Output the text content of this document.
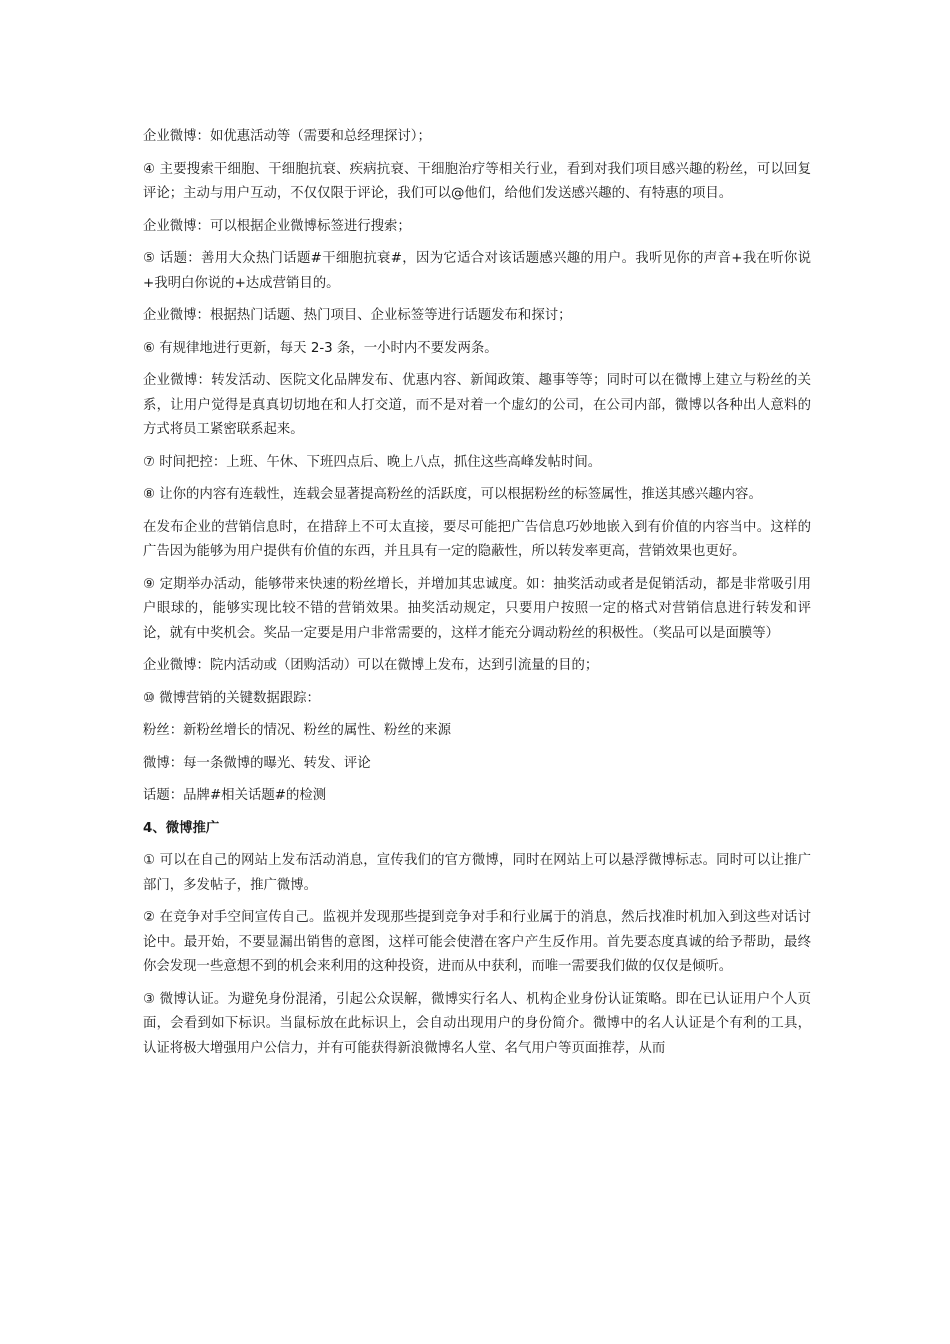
企业微博：如优惠活动等（需要和总经理探讨）；

④ 主要搜索干细胞、干细胞抗衰、疾病抗衰、干细胞治疗等相关行业，看到对我们项目感兴趣的粉丝，可以回复评论；主动与用户互动，不仅仅限于评论，我们可以@他们，给他们发送感兴趣的、有特惠的项目。

企业微博：可以根据企业微博标签进行搜索；

⑤ 话题：善用大众热门话题#干细胞抗衰#，因为它适合对该话题感兴趣的用户。我听见你的声音+我在听你说+我明白你说的+达成营销目的。

企业微博：根据热门话题、热门项目、企业标签等进行话题发布和探讨；

⑥ 有规律地进行更新，每天 2-3 条，一小时内不要发两条。

企业微博：转发活动、医院文化品牌发布、优惠内容、新闻政策、趣事等等；同时可以在微博上建立与粉丝的关系，让用户觉得是真真切切地在和人打交道，而不是对着一个虚幻的公司，在公司内部，微博以各种出人意料的方式将员工紧密联系起来。

⑦ 时间把控：上班、午休、下班四点后、晚上八点，抓住这些高峰发帖时间。

⑧ 让你的内容有连载性，连载会显著提高粉丝的活跃度，可以根据粉丝的标签属性，推送其感兴趣内容。

在发布企业的营销信息时，在措辞上不可太直接，要尽可能把广告信息巧妙地嵌入到有价值的内容当中。这样的广告因为能够为用户提供有价值的东西，并且具有一定的隐蔽性，所以转发率更高，营销效果也更好。

⑨ 定期举办活动，能够带来快速的粉丝增长，并增加其忠诚度。如：抽奖活动或者是促销活动，都是非常吸引用户眼球的，能够实现比较不错的营销效果。抽奖活动规定，只要用户按照一定的格式对营销信息进行转发和评论，就有中奖机会。奖品一定要是用户非常需要的，这样才能充分调动粉丝的积极性。（奖品可以是面膜等）

企业微博：院内活动或（团购活动）可以在微博上发布，达到引流量的目的；

⑩ 微博营销的关键数据跟踪：

粉丝：新粉丝增长的情况、粉丝的属性、粉丝的来源

微博：每一条微博的曝光、转发、评论

话题：品牌#相关话题#的检测

4、微博推广

① 可以在自己的网站上发布活动消息，宣传我们的官方微博，同时在网站上可以悬浮微博标志。同时可以让推广部门，多发帖子，推广微博。

② 在竞争对手空间宣传自己。监视并发现那些提到竞争对手和行业属于的消息，然后找准时机加入到这些对话讨论中。最开始，不要显漏出销售的意图，这样可能会使潜在客户产生反作用。首先要态度真诚的给予帮助，最终你会发现一些意想不到的机会来利用的这种投资，进而从中获利，而唯一需要我们做的仅仅是倾听。

③ 微博认证。为避免身份混淆，引起公众误解，微博实行名人、机构企业身份认证策略。即在已认证用户个人页面，会看到如下标识。当鼠标放在此标识上，会自动出现用户的身份简介。微博中的名人认证是个有利的工具，认证将极大增强用户公信力，并有可能获得新浪微博名人堂、名气用户等页面推荐，从而
